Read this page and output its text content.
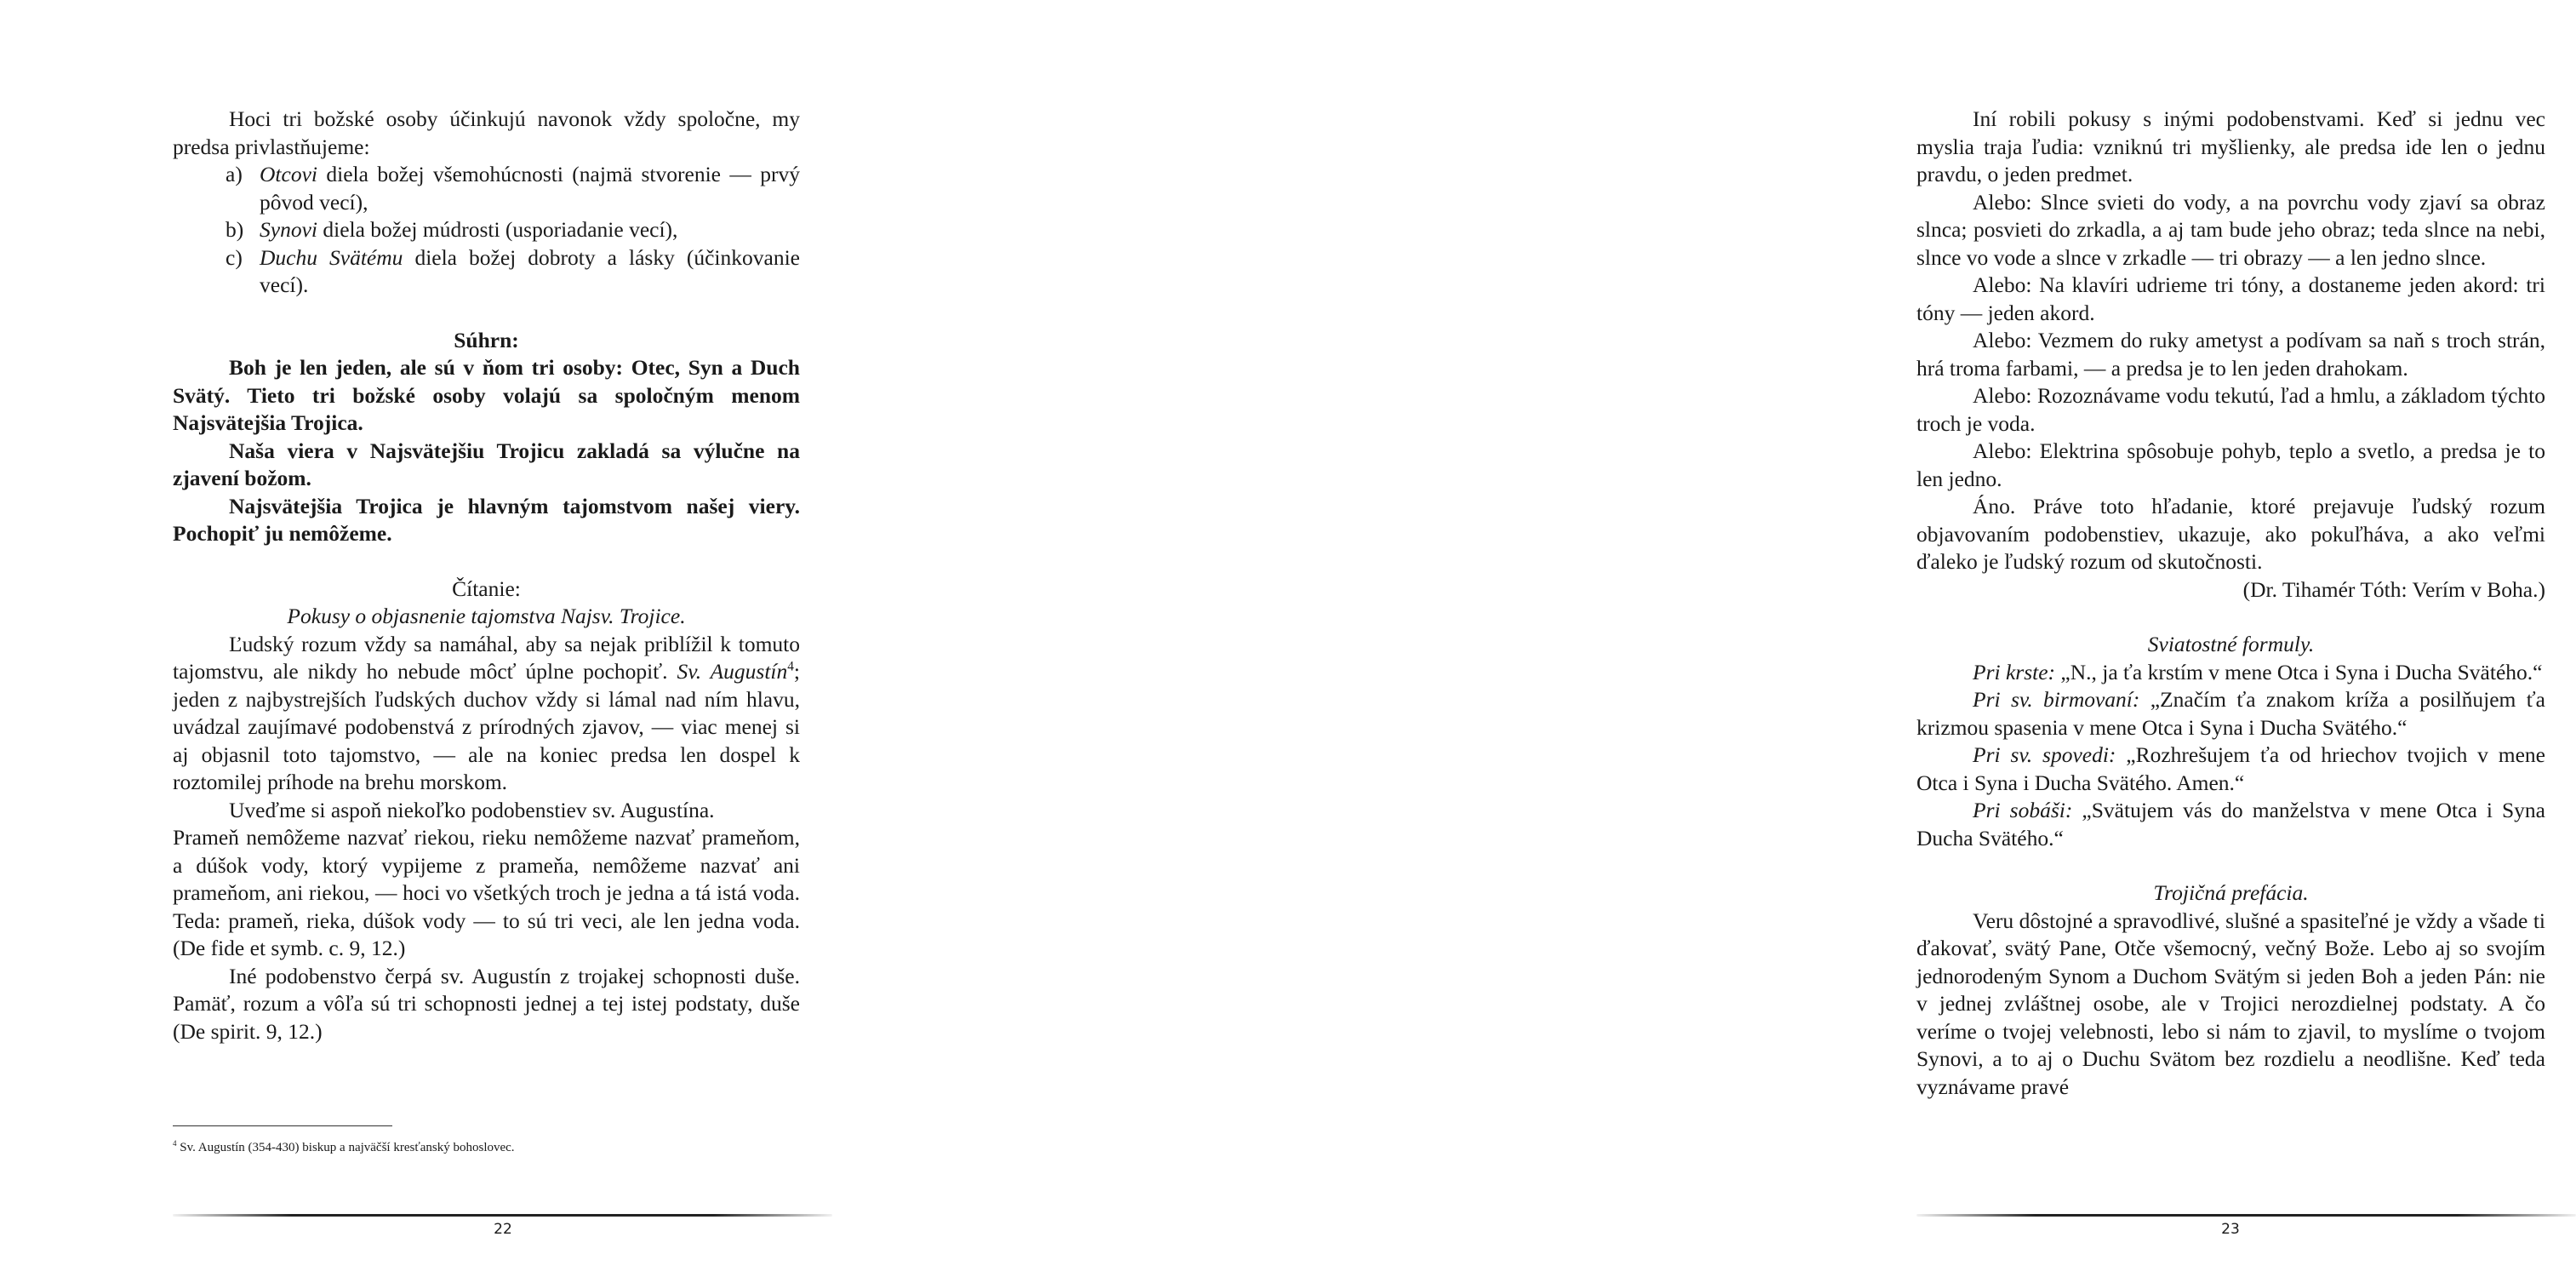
Hoci tri božské osoby účinkujú navonok vždy spoločne, my predsa privlastňujeme:

a) Otcovi diela božej všemohúcnosti (najmä stvorenie — prvý pôvod vecí),
b) Synovi diela božej múdrosti (usporiadanie vecí),
c) Duchu Svätému diela božej dobroty a lásky (účinkovanie vecí).

Súhrn:

Boh je len jeden, ale sú v ňom tri osoby: Otec, Syn a Duch Svätý. Tieto tri božské osoby volajú sa spoločným menom Najsvätejšia Trojica.

Naša viera v Najsvätejšiu Trojicu zakladá sa výlučne na zjavení božom.

Najsvätejšia Trojica je hlavným tajomstvom našej viery. Pochopiť ju nemôžeme.

Čítanie:

Pokusy o objasnenie tajomstva Najsv. Trojice.

Ľudský rozum vždy sa namáhal, aby sa nejak priblížil k tomuto tajomstvu, ale nikdy ho nebude môcť úplne pochopiť. Sv. Augustín$^4$; jeden z najbystrejších ľudských duchov vždy si lámal nad ním hlavu, uvádzal zaujímavé podobenstvá z prírodných zjavov, — viac menej si aj objasnil toto tajomstvo, — ale na koniec predsa len dospel k roztomilej príhode na brehu morskom.

Uveďme si aspoň niekoľko podobenstiev sv. Augustína.

Prameň nemôžeme nazvať riekou, rieku nemôžeme nazvať prameňom, a dúšok vody, ktorý vypijeme z prameňa, nemôžeme nazvať ani prameňom, ani riekou, — hoci vo všetkých troch je jedna a tá istá voda. Teda: prameň, rieka, dúšok vody — to sú tri veci, ale len jedna voda. (De fide et symb. c. 9, 12.)

Iné podobenstvo čerpá sv. Augustín z trojakej schopnosti duše. Pamäť, rozum a vôľa sú tri schopnosti jednej a tej istej podstaty, duše (De spirit. 9, 12.)

$^4$ Sv. Augustín (354-430) biskup a najväčší kresťanský bohoslovec.
22

Iní robili pokusy s inými podobenstvami. Keď si jednu vec myslia traja ľudia: vzniknú tri myšlienky, ale predsa ide len o jednu pravdu, o jeden predmet.

Alebo: Slnce svieti do vody, a na povrchu vody zjaví sa obraz slnca; posvieti do zrkadla, a aj tam bude jeho obraz; teda slnce na nebi, slnce vo vode a slnce v zrkadle — tri obrazy — a len jedno slnce.

Alebo: Na klavíri udrieme tri tóny, a dostaneme jeden akord: tri tóny — jeden akord.

Alebo: Vezmem do ruky ametyst a podívam sa naň s troch strán, hrá troma farbami, — a predsa je to len jeden drahokam.

Alebo: Rozoznávame vodu tekutú, ľad a hmlu, a základom týchto troch je voda.

Alebo: Elektrina spôsobuje pohyb, teplo a svetlo, a predsa je to len jedno.

Áno. Práve toto hľadanie, ktoré prejavuje ľudský rozum objavovaním podobenstiev, ukazuje, ako pokuľháva, a ako veľmi ďaleko je ľudský rozum od skutočnosti.

(Dr. Tihamér Tóth: Verím v Boha.)

Sviatostné formuly.

Pri krste: „N., ja ťa krstím v mene Otca i Syna i Ducha Svätého.“

Pri sv. birmovaní: „Značím ťa znakom kríža a posilňujem ťa krizmou spasenia v mene Otca i Syna i Ducha Svätého.“

Pri sv. spovedi: „Rozhrešujem ťa od hriechov tvojich v mene Otca i Syna i Ducha Svätého. Amen.“

Pri sobáši: „Svätujem vás do manželstva v mene Otca i Syna Ducha Svätého.“

Trojičná prefácia.

Veru dôstojné a spravodlivé, slušné a spasiteľné je vždy a všade ti ďakovať, svätý Pane, Otče všemocný, večný Bože. Lebo aj so svojím jednorodeným Synom a Duchom Svätým si jeden Boh a jeden Pán: nie v jednej zvláštnej osobe, ale v Trojici nerozdielnej podstaty. A čo veríme o tvojej velebnosti, lebo si nám to zjavil, to myslíme o tvojom Synovi, a to aj o Duchu Svätom bez rozdielu a neodlišne. Keď teda vyznávame pravé

23
